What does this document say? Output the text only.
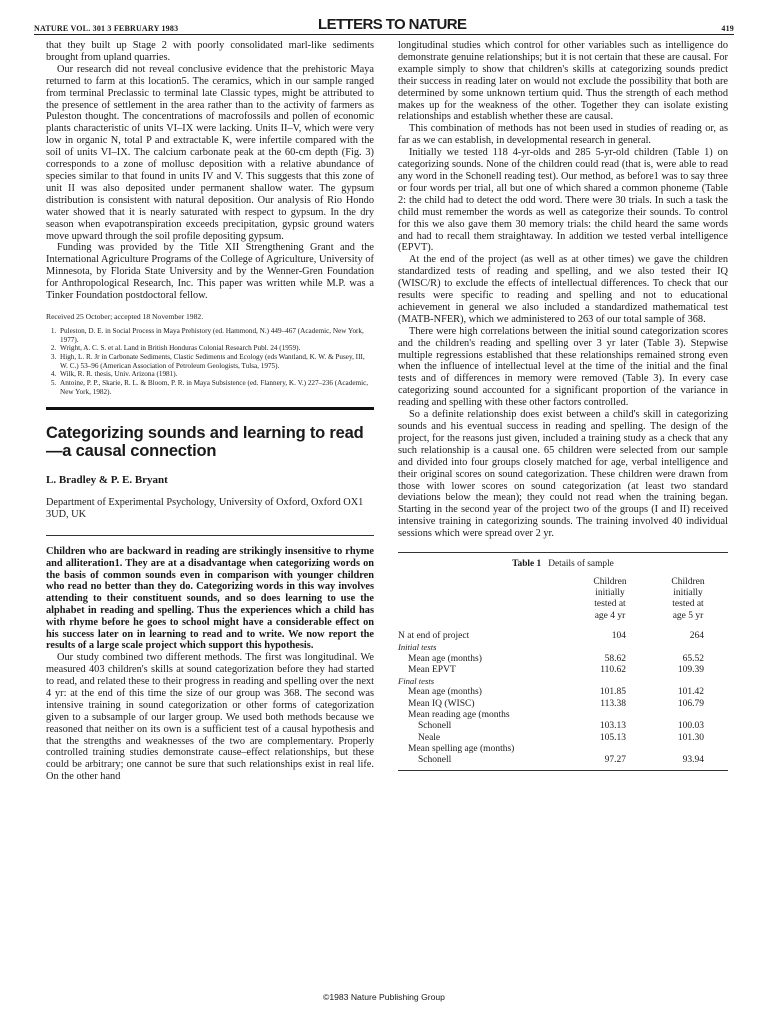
NATURE VOL. 301 3 FEBRUARY 1983	LETTERS TO NATURE	419

that they built up Stage 2 with poorly consolidated marl-like sediments brought from upland quarries.

Our research did not reveal conclusive evidence that the prehistoric Maya returned to farm at this location5. The ceramics, which in our sample ranged from terminal Preclassic to terminal late Classic types, might be attributed to the presence of settlement in the area rather than to the activity of farmers as Puleston thought. The concentrations of macrofossils and pollen of economic plants characteristic of units VI–IX were lacking. Units II–V, which were very low in organic N, total P and extractable K, were infertile compared with the soil of units VI–IX. The calcium carbonate peak at the 60-cm depth (Fig. 3) corresponds to a zone of mollusc deposition with a relative abundance of species similar to that found in units IV and V. This suggests that this zone of unit II was also deposited under permanent shallow water. The gypsum distribution is consistent with natural deposition. Our analysis of Rio Hondo water showed that it is nearly saturated with respect to gypsum. In the dry season when evapotranspiration exceeds precipitation, gypsic ground waters move upward through the soil profile depositing gypsum.

Funding was provided by the Title XII Strengthening Grant and the International Agriculture Programs of the College of Agriculture, University of Minnesota, by Florida State University and by the Wenner-Gren Foundation for Anthropological Research, Inc. This paper was written while M.P. was a Tinker Foundation postdoctoral fellow.

Received 25 October; accepted 18 November 1982.

1. Puleston, D. E. in Social Process in Maya Prehistory (ed. Hammond, N.) 449–467 (Academic, New York, 1977).
2. Wright, A. C. S. et al. Land in British Honduras Colonial Research Publ. 24 (1959).
3. High, L. R. Jr in Carbonate Sediments, Clastic Sediments and Ecology (eds Wantland, K. W. & Pusey, III, W. C.) 53–96 (American Association of Petroleum Geologists, Tulsa, 1975).
4. Wilk, R. R. thesis, Univ. Arizona (1981).
5. Antoine, P. P., Skarie, R. L. & Bloom, P. R. in Maya Subsistence (ed. Flannery, K. V.) 227–236 (Academic, New York, 1982).
Categorizing sounds and learning to read—a causal connection
L. Bradley & P. E. Bryant
Department of Experimental Psychology, University of Oxford, Oxford OX1 3UD, UK

Children who are backward in reading are strikingly insensitive to rhyme and alliteration1. They are at a disadvantage when categorizing words on the basis of common sounds even in comparison with younger children who read no better than they do. Categorizing words in this way involves attending to their constituent sounds, and so does learning to use the alphabet in reading and spelling. Thus the experiences which a child has with rhyme before he goes to school might have a considerable effect on his success later on in learning to read and to write. We now report the results of a large scale project which support this hypothesis.

Our study combined two different methods. The first was longitudinal. We measured 403 children's skills at sound categorization before they had started to read, and related these to their progress in reading and spelling over the next 4 yr: at the end of this time the size of our group was 368. The second was intensive training in sound categorization or other forms of categorization given to a subsample of our larger group. We used both methods because we reasoned that neither on its own is a sufficient test of a causal hypothesis and that the strengths and weaknesses of the two are complementary. Properly controlled training studies demonstrate cause–effect relationships, but these could be arbitrary; one cannot be sure that such relationships exist in real life. On the other hand

longitudinal studies which control for other variables such as intelligence do demonstrate genuine relationships; but it is not certain that these are causal. For example simply to show that children's skills at categorizing sounds predict their success in reading later on would not exclude the possibility that both are determined by some unknown tertium quid. Thus the strength of each method makes up for the weakness of the other. Together they can isolate existing relationships and establish whether these are causal.

This combination of methods has not been used in studies of reading or, as far as we can establish, in developmental research in general.

Initially we tested 118 4-yr-olds and 285 5-yr-old children (Table 1) on categorizing sounds. None of the children could read (that is, were able to read any word in the Schonell reading test). Our method, as before1 was to say three or four words per trial, all but one of which shared a common phoneme (Table 2: the child had to detect the odd word. There were 30 trials. In such a task the child must remember the words as well as categorize their sounds. To control for this we also gave them 30 memory trials: the child heard the same words and had to recall them straightaway. In addition we tested verbal intelligence (EPVT).

At the end of the project (as well as at other times) we gave the children standardized tests of reading and spelling, and we also tested their IQ (WISC/R) to exclude the effects of intellectual differences. To check that our results were specific to reading and spelling and not to educational achievement in general we also included a standardized mathematical test (MATB-NFER), which we administered to 263 of our total sample of 368.

There were high correlations between the initial sound categorization scores and the children's reading and spelling over 3 yr later (Table 3). Stepwise multiple regressions established that these relationships remained strong even when the influence of intellectual level at the time of the initial and the final tests and of differences in memory were removed (Table 3). In every case categorizing sound accounted for a significant proportion of the variance in reading and spelling with these other factors controlled.

So a definite relationship does exist between a child's skill in categorizing sounds and his eventual success in reading and spelling. The design of the project, for the reasons just given, included a training study as a check that any such relationship is a causal one. 65 children were selected from our sample and divided into four groups closely matched for age, verbal intelligence and their original scores on sound categorization. These children were drawn from those with lower scores on sound categorization (at least two standard deviations below the mean); they could not read when the training began. Starting in the second year of the project two of the groups (I and II) received intensive training in categorizing sounds. The training involved 40 individual sessions which were spread over 2 yr.

Table 1 Details of sample
Children
initially
tested at
age 4 yr
Children
initially
tested at
age 5 yr
N at end of project	104	264
Initial tests
Mean age (months)	58.62	65.52
Mean EPVT	110.62	109.39
Final tests
Mean age (months)	101.85	101.42
Mean IQ (WISC)	113.38	106.79
Mean reading age (months
Schonell	103.13	100.03
Neale	105.13	101.30
Mean spelling age (months)
Schonell	97.27	93.94
©1983 Nature Publishing Group
